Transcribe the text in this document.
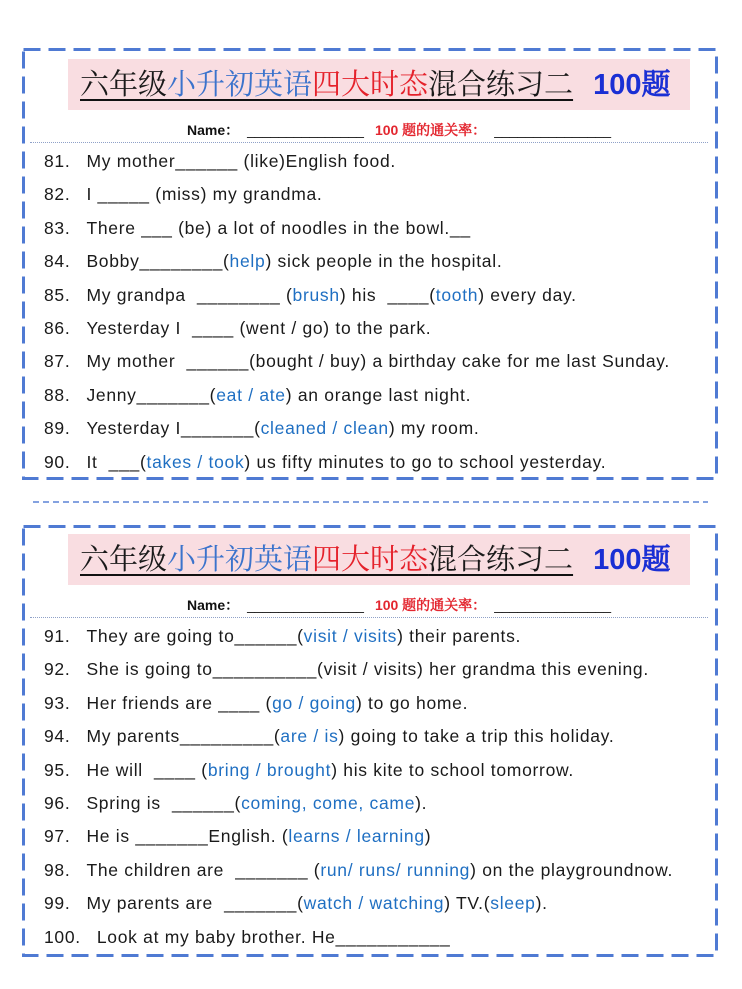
六年级小升初英语四大时态混合练习二 100题
Name： _______________ 100 题的通关率： _______________
81. My mother______ (like)English food.
82. I _____ (miss) my grandma.
83. There ___ (be) a lot of noodles in the bowl.__
84. Bobby________(help) sick people in the hospital.
85. My grandpa  ________ (brush) his  ____(tooth) every day.
86. Yesterday I  ____ (went / go) to the park.
87. My mother  ______(bought / buy) a birthday cake for me last Sunday.
88. Jenny_______(eat / ate) an orange last night.
89. Yesterday I_______(cleaned / clean) my room.
90. It  ___(takes / took) us fifty minutes to go to school yesterday.
六年级小升初英语四大时态混合练习二 100题
Name： _______________ 100 题的通关率： _______________
91. They are going to______(visit / visits) their parents.
92. She is going to__________(visit / visits) her grandma this evening.
93. Her friends are ____ (go / going) to go home.
94. My parents_________(are / is) going to take a trip this holiday.
95. He will  ____ (bring / brought) his kite to school tomorrow.
96. Spring is  ______(coming, come, came).
97. He is _______English. (learns / learning)
98. The children are  _______ (run/ runs/ running) on the playgroundnow.
99. My parents are  _______(watch / watching) TV.(sleep).
100. Look at my baby brother. He___________
